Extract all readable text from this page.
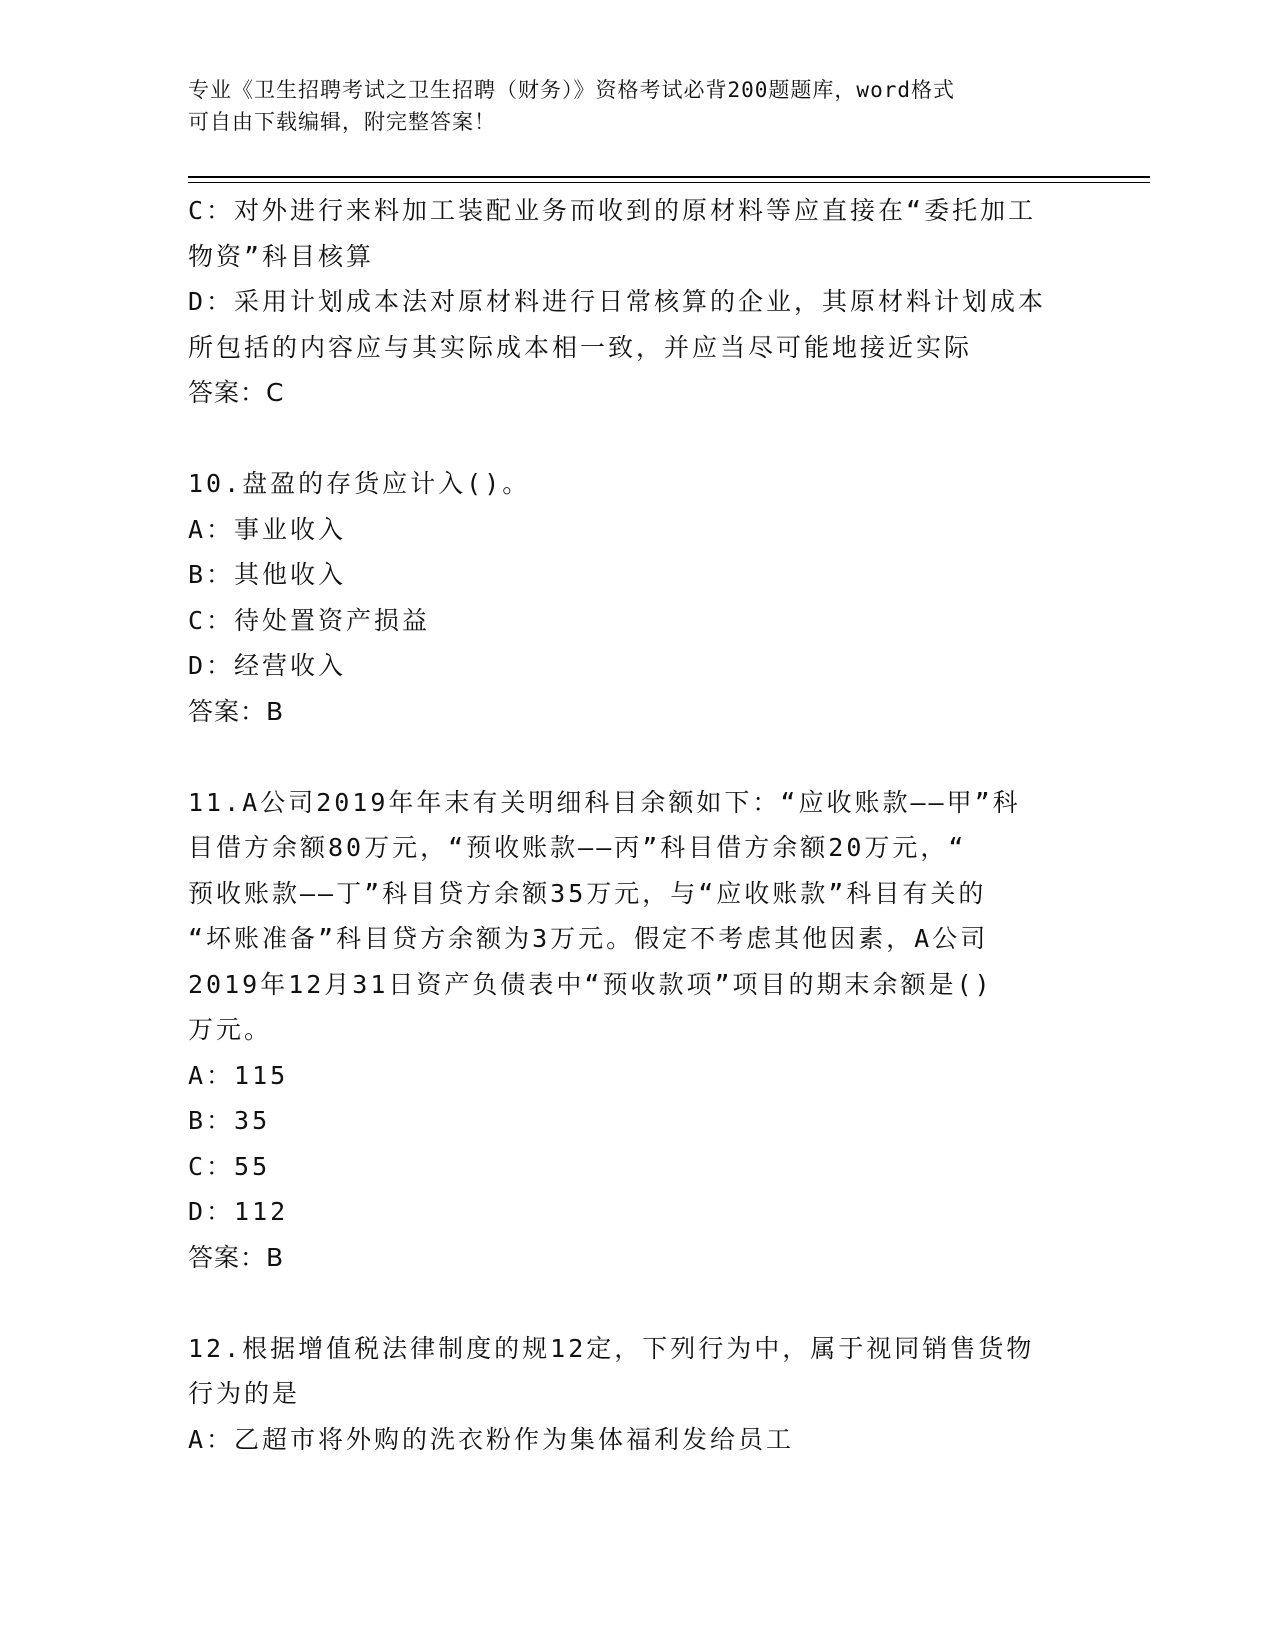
专业《卫生招聘考试之卫生招聘（财务）》资格考试必背200题题库，word格式
可自由下载编辑，附完整答案！
C：对外进行来料加工装配业务而收到的原材料等应直接在“委托加工
物资”科目核算
D：采用计划成本法对原材料进行日常核算的企业，其原材料计划成本
所包括的内容应与其实际成本相一致，并应当尽可能地接近实际
答案：C
10.盘盈的存货应计入()。
A：事业收入
B：其他收入
C：待处置资产损益
D：经营收入
答案：B
11.A公司2019年年末有关明细科目余额如下：“应收账款——甲”科
目借方余额80万元，“预收账款——丙”科目借方余额20万元，“
预收账款——丁”科目贷方余额35万元，与“应收账款”科目有关的
“坏账准备”科目贷方余额为3万元。假定不考虑其他因素，A公司
2019年12月31日资产负债表中“预收款项”项目的期末余额是()
万元。
A：115
B：35
C：55
D：112
答案：B
12.根据增值税法律制度的规12定，下列行为中，属于视同销售货物
行为的是
A：乙超市将外购的洗衣粉作为集体福利发给员工
